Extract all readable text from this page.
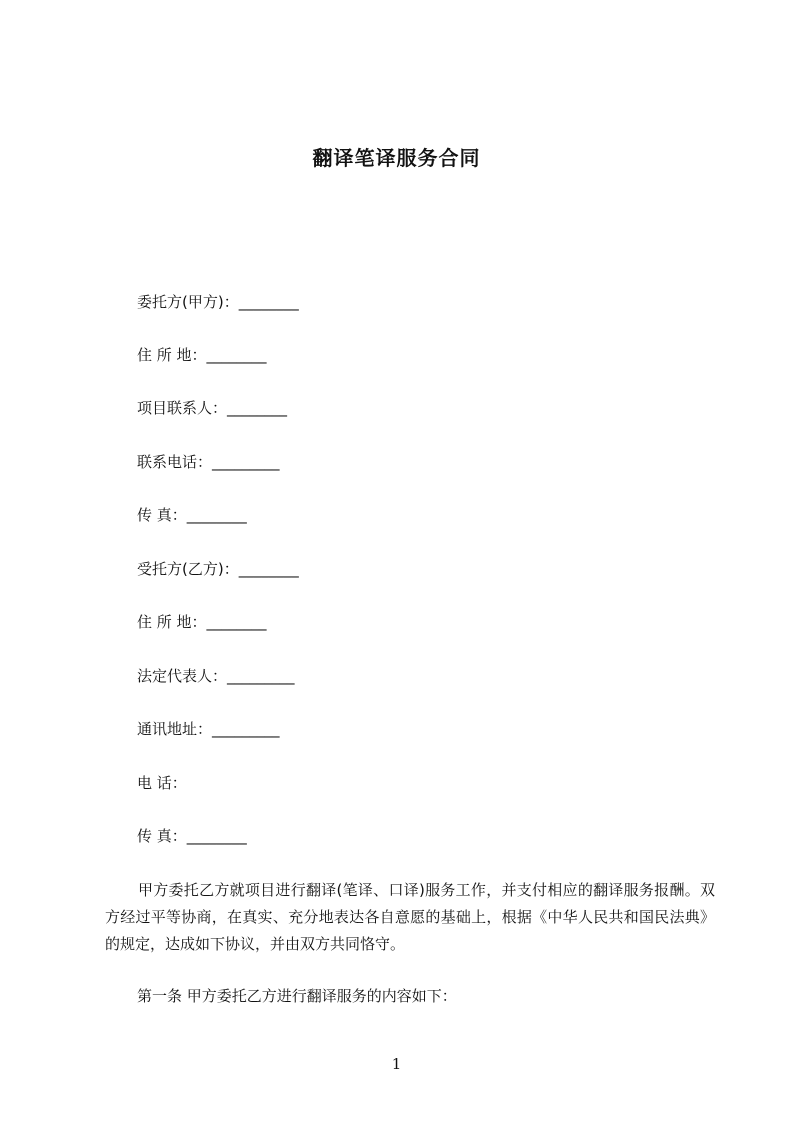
翻译笔译服务合同
委托方(甲方)：________
住 所 地：________
项目联系人：________
联系电话：_________
传 真：________
受托方(乙方)：________
住 所 地：________
法定代表人：_________
通讯地址：_________
电 话：
传 真：________
甲方委托乙方就项目进行翻译(笔译、口译)服务工作，并支付相应的翻译服务报酬。双方经过平等协商，在真实、充分地表达各自意愿的基础上，根据《中华人民共和国民法典》的规定，达成如下协议，并由双方共同恪守。
第一条 甲方委托乙方进行翻译服务的内容如下：
1
